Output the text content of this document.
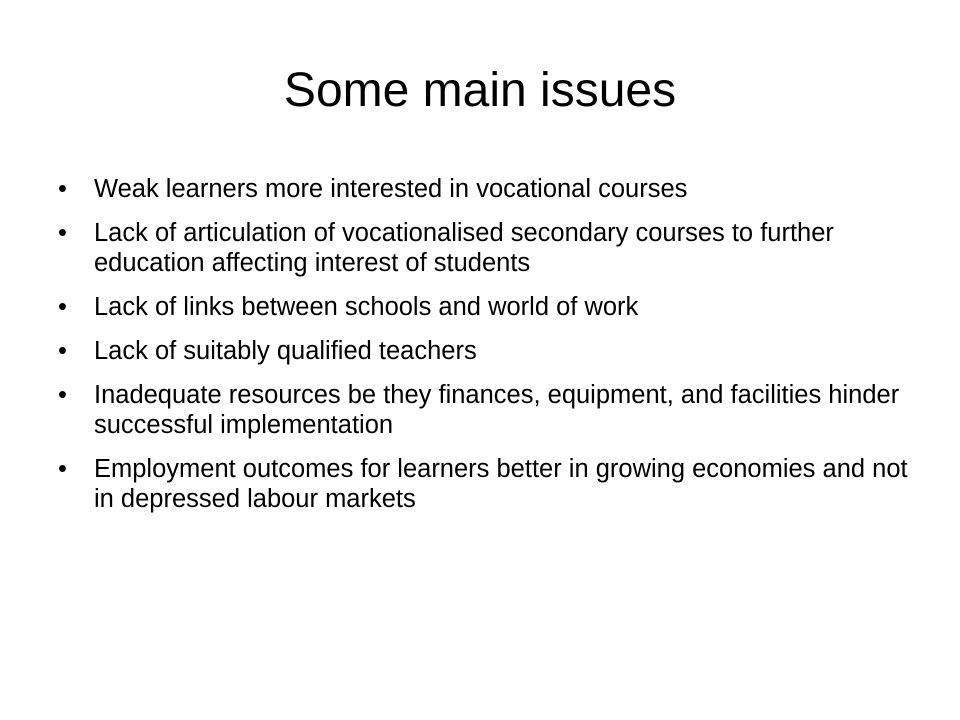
Some main issues
• Weak learners more interested in vocational courses
• Lack of articulation of vocationalised secondary courses to further education affecting interest of students
• Lack of links between schools and world of work
• Lack of suitably qualified teachers
• Inadequate resources be they finances, equipment, and facilities hinder successful implementation
• Employment outcomes for learners better in growing economies and not in depressed labour markets
